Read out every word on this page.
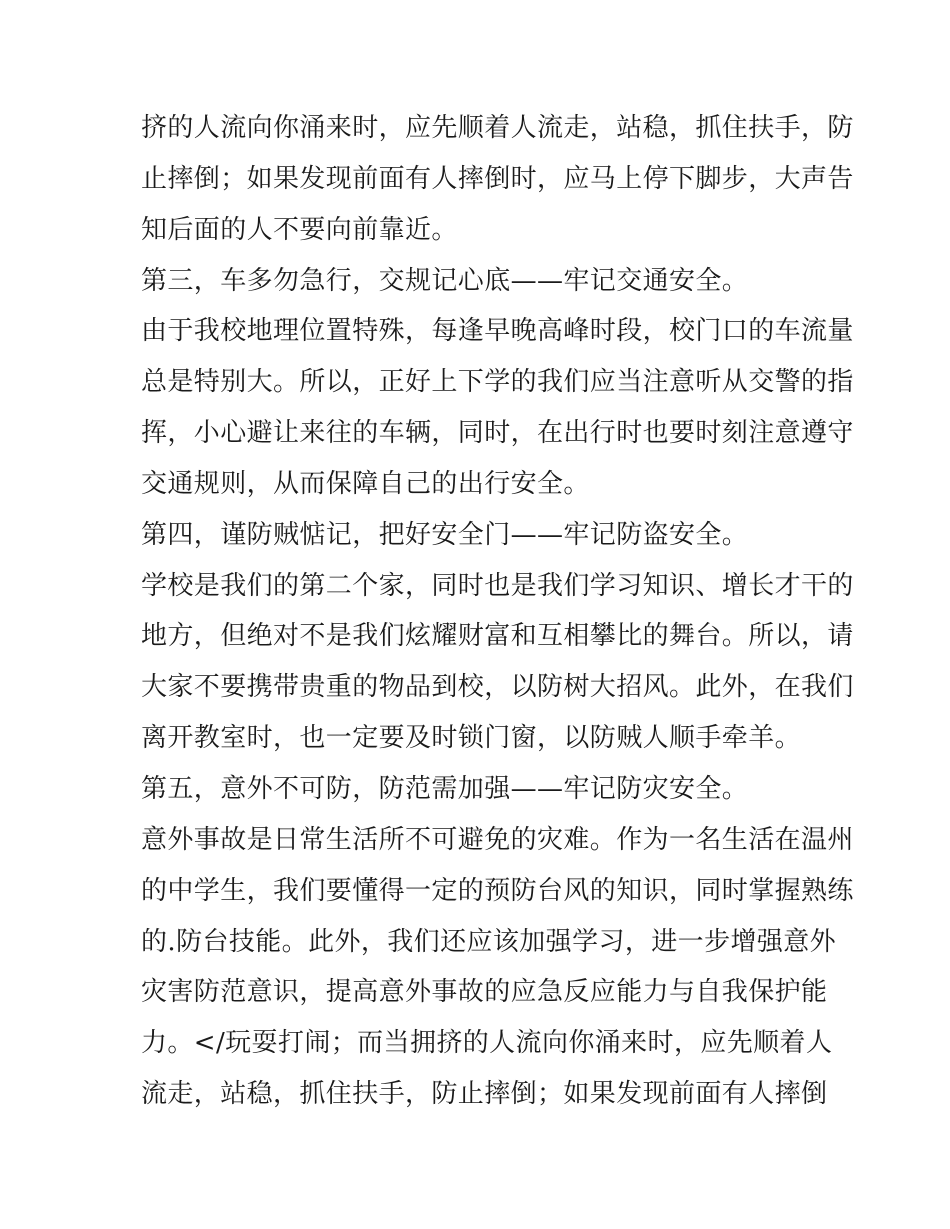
挤的人流向你涌来时，应先顺着人流走，站稳，抓住扶手，防
止摔倒；如果发现前面有人摔倒时，应马上停下脚步，大声告
知后面的人不要向前靠近。
第三，车多勿急行，交规记心底——牢记交通安全。
由于我校地理位置特殊，每逢早晚高峰时段，校门口的车流量
总是特别大。所以，正好上下学的我们应当注意听从交警的指
挥，小心避让来往的车辆，同时，在出行时也要时刻注意遵守
交通规则，从而保障自己的出行安全。
第四，谨防贼惦记，把好安全门——牢记防盗安全。
学校是我们的第二个家，同时也是我们学习知识、增长才干的
地方，但绝对不是我们炫耀财富和互相攀比的舞台。所以，请
大家不要携带贵重的物品到校，以防树大招风。此外，在我们
离开教室时，也一定要及时锁门窗，以防贼人顺手牵羊。
第五，意外不可防，防范需加强——牢记防灾安全。
意外事故是日常生活所不可避免的灾难。作为一名生活在温州
的中学生，我们要懂得一定的预防台风的知识，同时掌握熟练
的.防台技能。此外，我们还应该加强学习，进一步增强意外
灾害防范意识，提高意外事故的应急反应能力与自我保护能
力。</玩耍打闹；而当拥挤的人流向你涌来时，应先顺着人
流走，站稳，抓住扶手，防止摔倒；如果发现前面有人摔倒
